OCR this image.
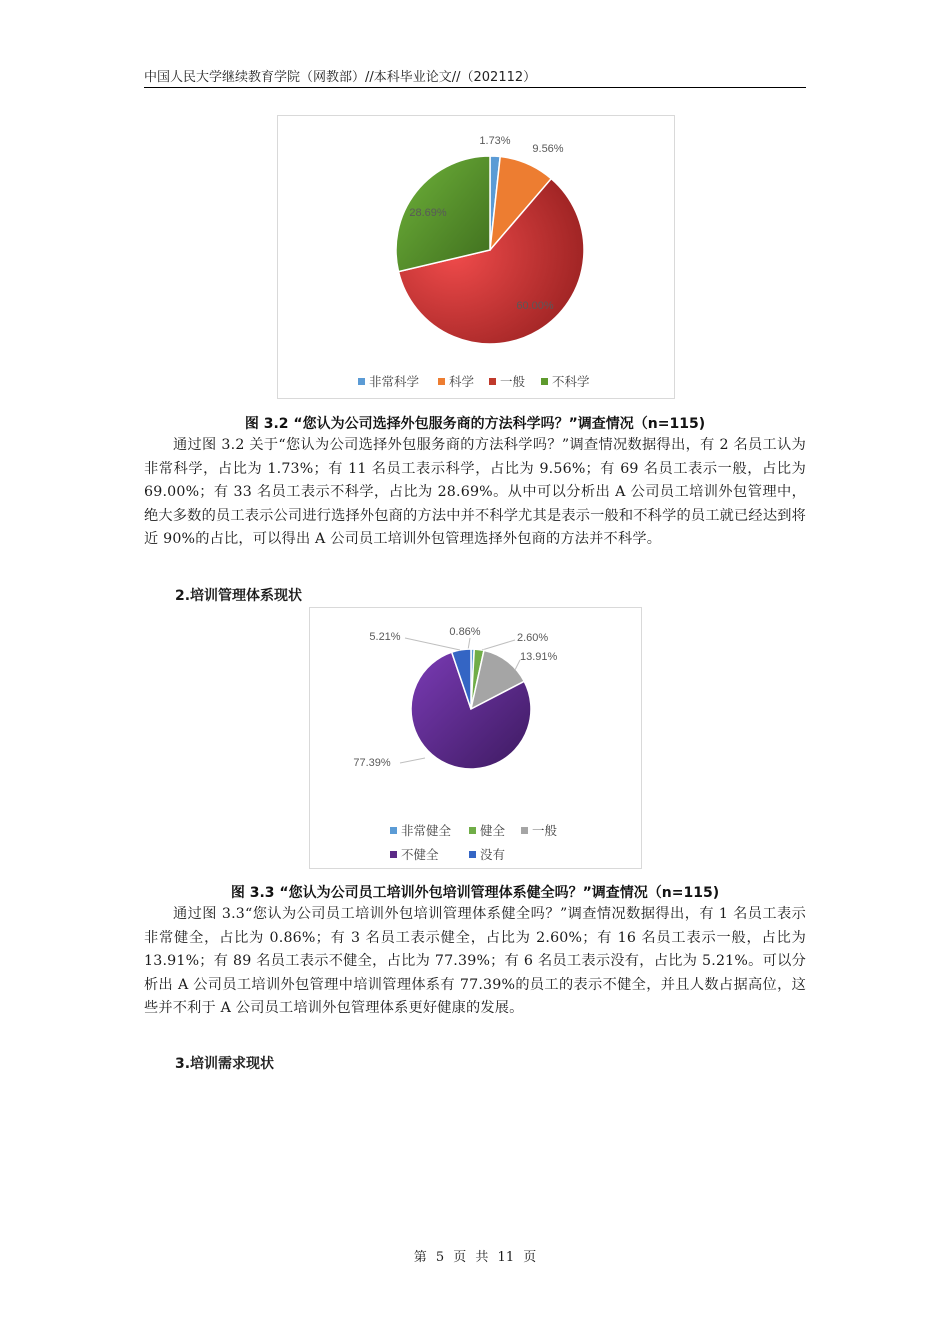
中国人民大学继续教育学院（网教部）//本科毕业论文//（202112）
1.73%
9.56%
60.00%
28.69%
非常科学 科学 一般 不科学
图 3.2 “您认为公司选择外包服务商的方法科学吗？”调查情况（n=115)

通过图 3.2 关于“您认为公司选择外包服务商的方法科学吗？”调查情况数据得出，有 2 名员工认为非常科学，占比为 1.73%；有 11 名员工表示科学，占比为 9.56%；有 69 名员工表示一般，占比为 69.00%；有 33 名员工表示不科学，占比为 28.69%。从中可以分析出 A 公司员工培训外包管理中，绝大多数的员工表示公司进行选择外包商的方法中并不科学尤其是表示一般和不科学的员工就已经达到将近 90%的占比，可以得出 A 公司员工培训外包管理选择外包商的方法并不科学。

2.培训管理体系现状
0.86%	2.60%
13.91%
77.39%
5.21%
非常健全 健全 一般
不健全	没有
图 3.3 “您认为公司员工培训外包培训管理体系健全吗？”调查情况（n=115)

通过图 3.3“您认为公司员工培训外包培训管理体系健全吗？”调查情况数据得出，有 1 名员工表示非常健全，占比为 0.86%；有 3 名员工表示健全，占比为 2.60%；有 16 名员工表示一般，占比为 13.91%；有 89 名员工表示不健全，占比为 77.39%；有 6 名员工表示没有，占比为 5.21%。可以分析出 A 公司员工培训外包管理中培训管理体系有 77.39%的员工的表示不健全，并且人数占据高位，这些并不利于 A 公司员工培训外包管理体系更好健康的发展。

3.培训需求现状
第 5 页 共 11 页
